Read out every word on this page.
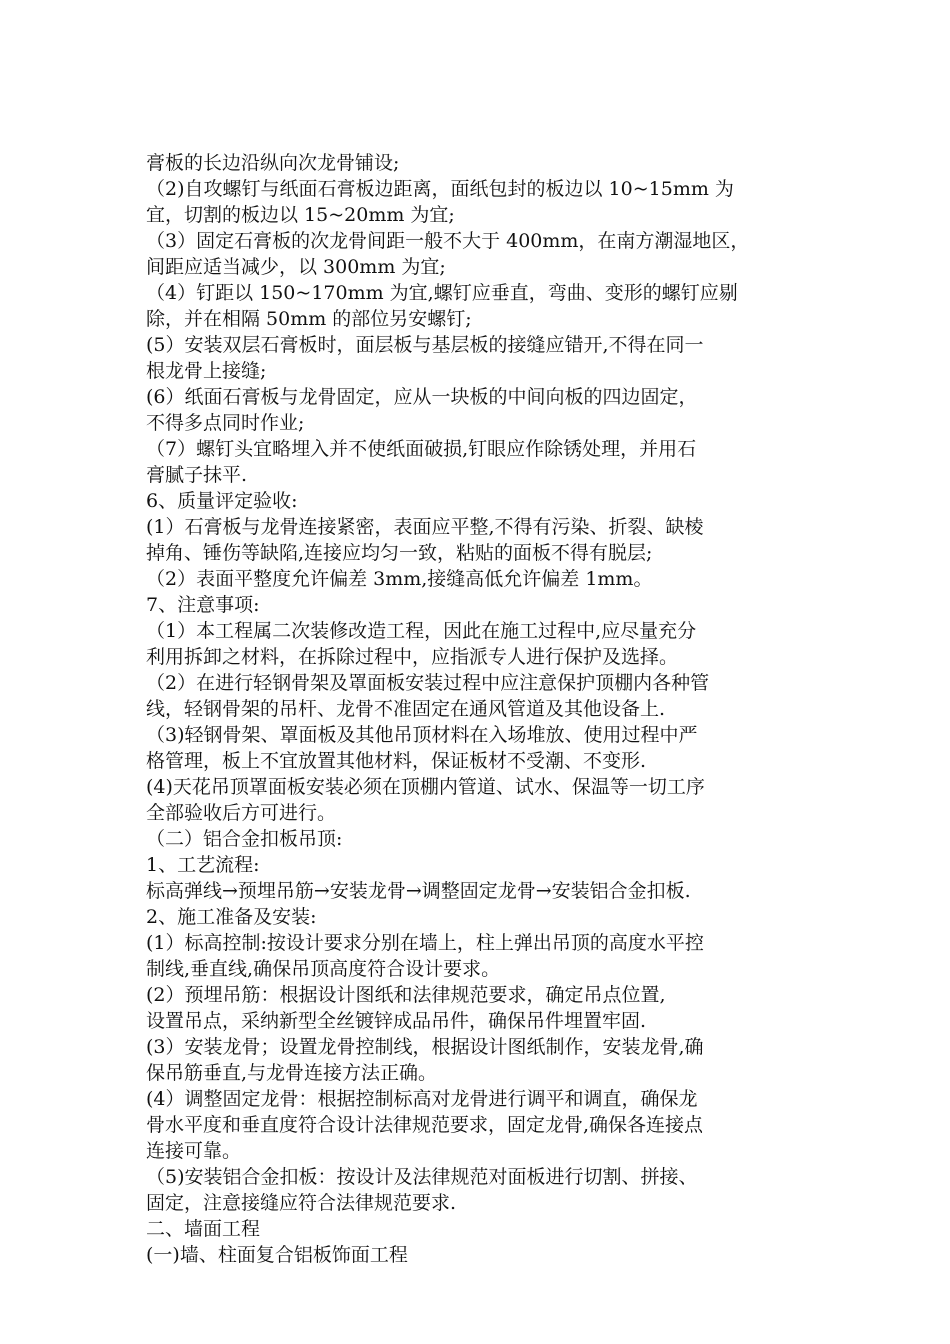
膏板的长边沿纵向次龙骨铺设;
（2)自攻螺钉与纸面石膏板边距离，面纸包封的板边以 10~15mm 为
宜，切割的板边以 15~20mm 为宜;
（3）固定石膏板的次龙骨间距一般不大于 400mm，在南方潮湿地区，
间距应适当减少，以 300mm 为宜;
（4）钉距以 150~170mm 为宜,螺钉应垂直，弯曲、变形的螺钉应剔
除，并在相隔 50mm 的部位另安螺钉;
(5）安装双层石膏板时，面层板与基层板的接缝应错开,不得在同一
根龙骨上接缝;
(6）纸面石膏板与龙骨固定，应从一块板的中间向板的四边固定，
不得多点同时作业;
（7）螺钉头宜略埋入并不使纸面破损,钉眼应作除锈处理，并用石
膏腻子抹平.
6、质量评定验收:
(1）石膏板与龙骨连接紧密，表面应平整,不得有污染、折裂、缺棱
掉角、锤伤等缺陷,连接应均匀一致，粘贴的面板不得有脱层;
（2）表面平整度允许偏差 3mm,接缝高低允许偏差 1mm。
7、注意事项:
（1）本工程属二次装修改造工程，因此在施工过程中,应尽量充分
利用拆卸之材料，在拆除过程中，应指派专人进行保护及选择。
（2）在进行轻钢骨架及罩面板安装过程中应注意保护顶棚内各种管
线，轻钢骨架的吊杆、龙骨不准固定在通风管道及其他设备上.
（3)轻钢骨架、罩面板及其他吊顶材料在入场堆放、使用过程中严
格管理，板上不宜放置其他材料，保证板材不受潮、不变形.
(4)天花吊顶罩面板安装必须在顶棚内管道、试水、保温等一切工序
全部验收后方可进行。
（二）铝合金扣板吊顶:
1、工艺流程:
标高弹线→预埋吊筋→安装龙骨→调整固定龙骨→安装铝合金扣板.
2、施工准备及安装:
(1）标高控制:按设计要求分别在墙上，柱上弹出吊顶的高度水平控
制线,垂直线,确保吊顶高度符合设计要求。
(2）预埋吊筋：根据设计图纸和法律规范要求，确定吊点位置,
设置吊点，采纳新型全丝镀锌成品吊件，确保吊件埋置牢固.
(3）安装龙骨；设置龙骨控制线，根据设计图纸制作，安装龙骨,确
保吊筋垂直,与龙骨连接方法正确。
(4）调整固定龙骨：根据控制标高对龙骨进行调平和调直，确保龙
骨水平度和垂直度符合设计法律规范要求，固定龙骨,确保各连接点
连接可靠。
（5)安装铝合金扣板：按设计及法律规范对面板进行切割、拼接、
固定，注意接缝应符合法律规范要求.
二、墙面工程
(一)墙、柱面复合铝板饰面工程
